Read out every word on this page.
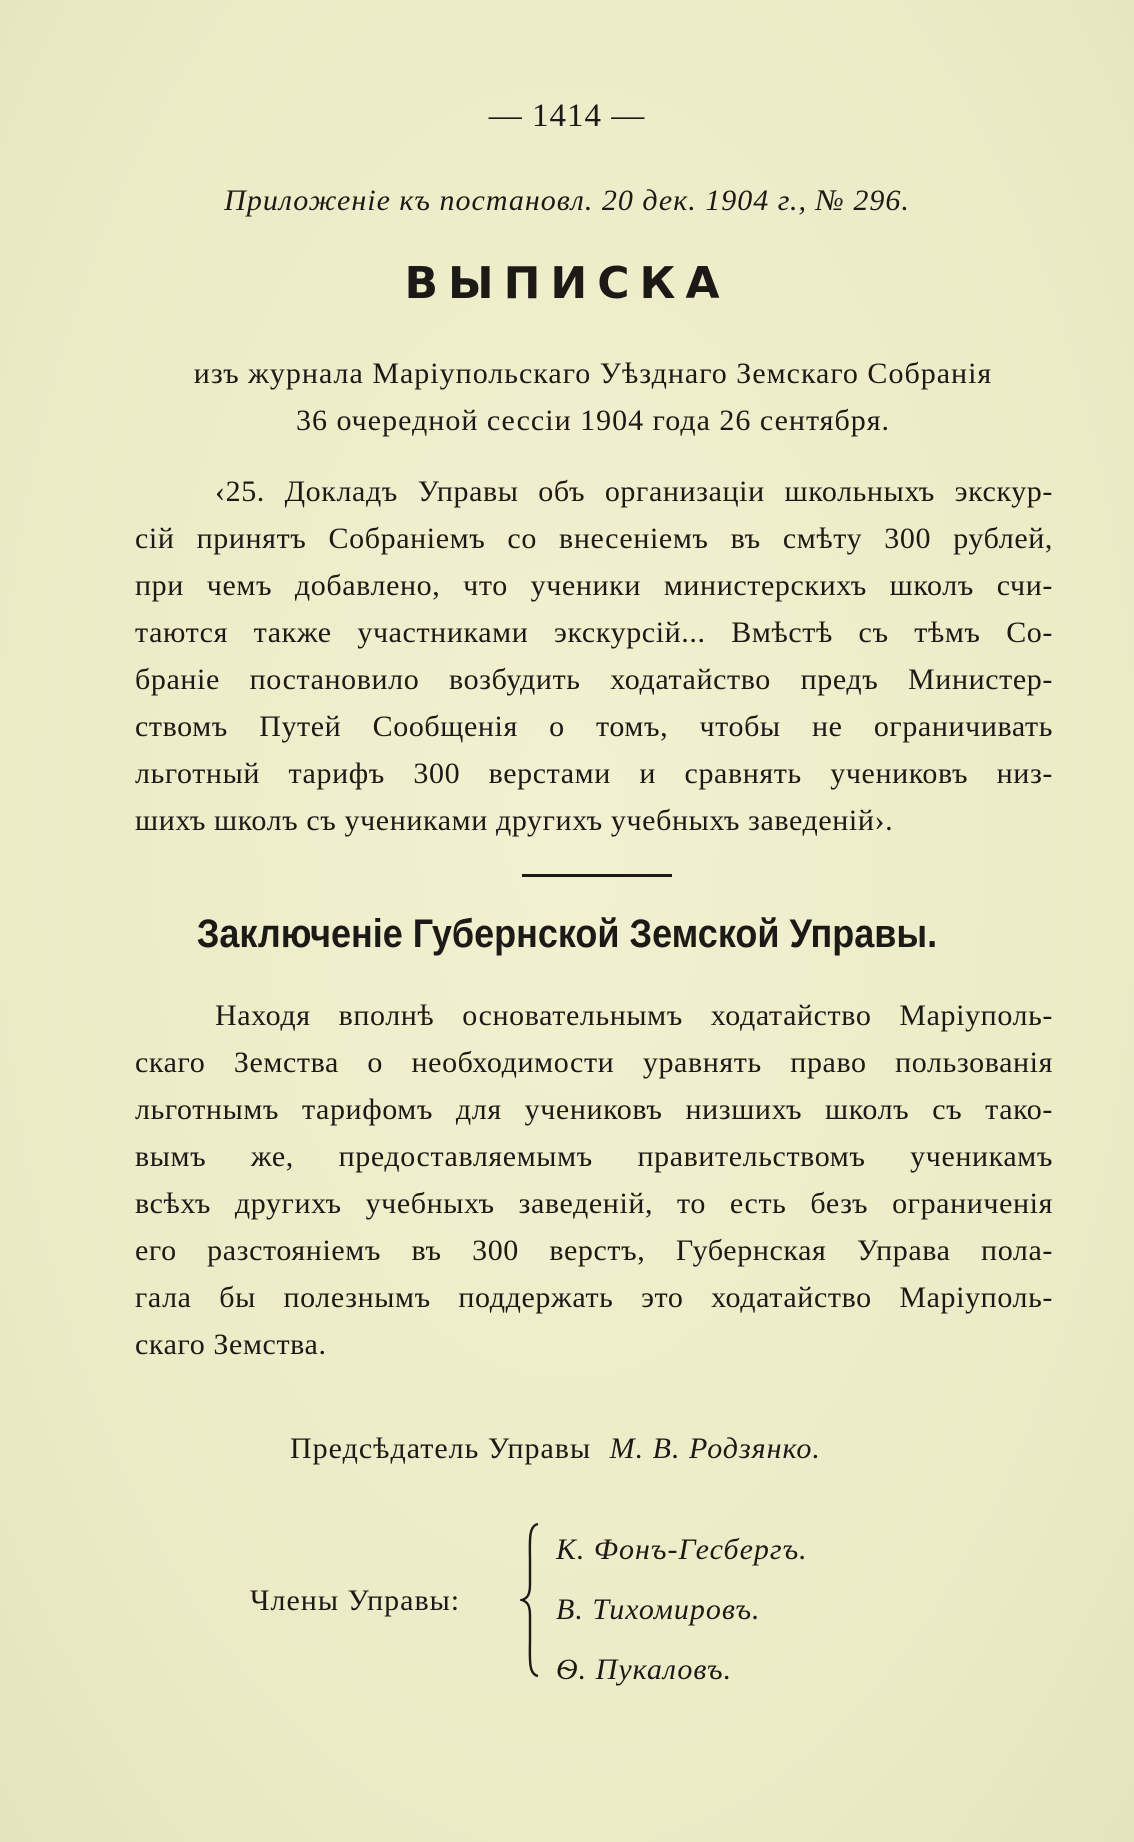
— 1414 —
Приложеніе къ постановл. 20 дек. 1904 г., № 296.
ВЫПИСКА
изъ журнала Маріупольскаго Уѣзднаго Земскаго Собранія
36 очередной сессіи 1904 года 26 сентября.
‹25. Докладъ Управы объ организаціи школьныхъ экскур-
сій принятъ Собраніемъ со внесеніемъ въ смѣту 300 рублей,
при чемъ добавлено, что ученики министерскихъ школъ счи-
таются также участниками экскурсій... Вмѣстѣ съ тѣмъ Со-
браніе постановило возбудить ходатайство предъ Министер-
ствомъ Путей Сообщенія о томъ, чтобы не ограничивать
льготный тарифъ 300 верстами и сравнять учениковъ низ-
шихъ школъ съ учениками другихъ учебныхъ заведеній›.
Заключеніе Губернской Земской Управы.
Находя вполнѣ основательнымъ ходатайство Маріуполь-
скаго Земства о необходимости уравнять право пользованія
льготнымъ тарифомъ для учениковъ низшихъ школъ съ тако-
вымъ же, предоставляемымъ правительствомъ ученикамъ
всѣхъ другихъ учебныхъ заведеній, то есть безъ ограниченія
его разстояніемъ въ 300 верстъ, Губернская Управа пола-
гала бы полезнымъ поддержать это ходатайство Маріуполь-
скаго Земства.
Предсѣдатель Управы М. В. Родзянко.
Члены Управы:
К. Фонъ-Гесбергъ.
В. Тихомировъ.
Ѳ. Пукаловъ.
